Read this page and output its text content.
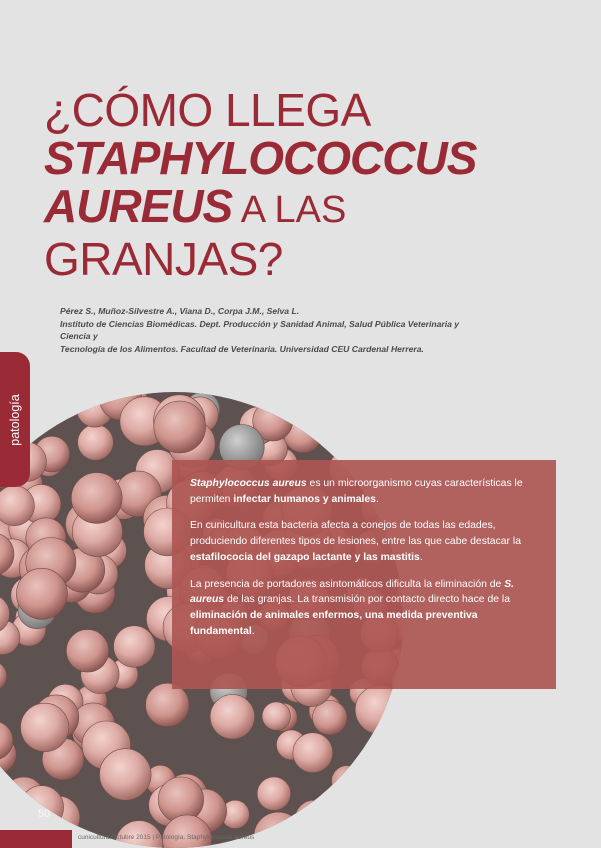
¿CÓMO LLEGA
STAPHYLOCOCCUS
AUREUS A LAS
GRANJAS?
Pérez S., Muñoz-Silvestre A., Viana D., Corpa J.M., Selva L.
Instituto de Ciencias Biomédicas. Dept. Producción y Sanidad Animal, Salud Pública Veterinaria y Ciencia y
Tecnología de los Alimentos. Facultad de Veterinaria. Universidad CEU Cardenal Herrera.
patología

Staphylococcus aureus es un microorganismo cuyas características le permiten infectar humanos y animales.

En cunicultura esta bacteria afecta a conejos de todas las edades, produciendo diferentes tipos de lesiones, entre las que cabe destacar la estafilococia del gazapo lactante y las mastitis.

La presencia de portadores asintomáticos dificulta la eliminación de S. aureus de las granjas. La transmisión por contacto directo hace de la eliminación de animales enfermos, una medida preventiva fundamental.

50
cunicultura Octubre 2015 | Patología. Staphylococcus aureus
